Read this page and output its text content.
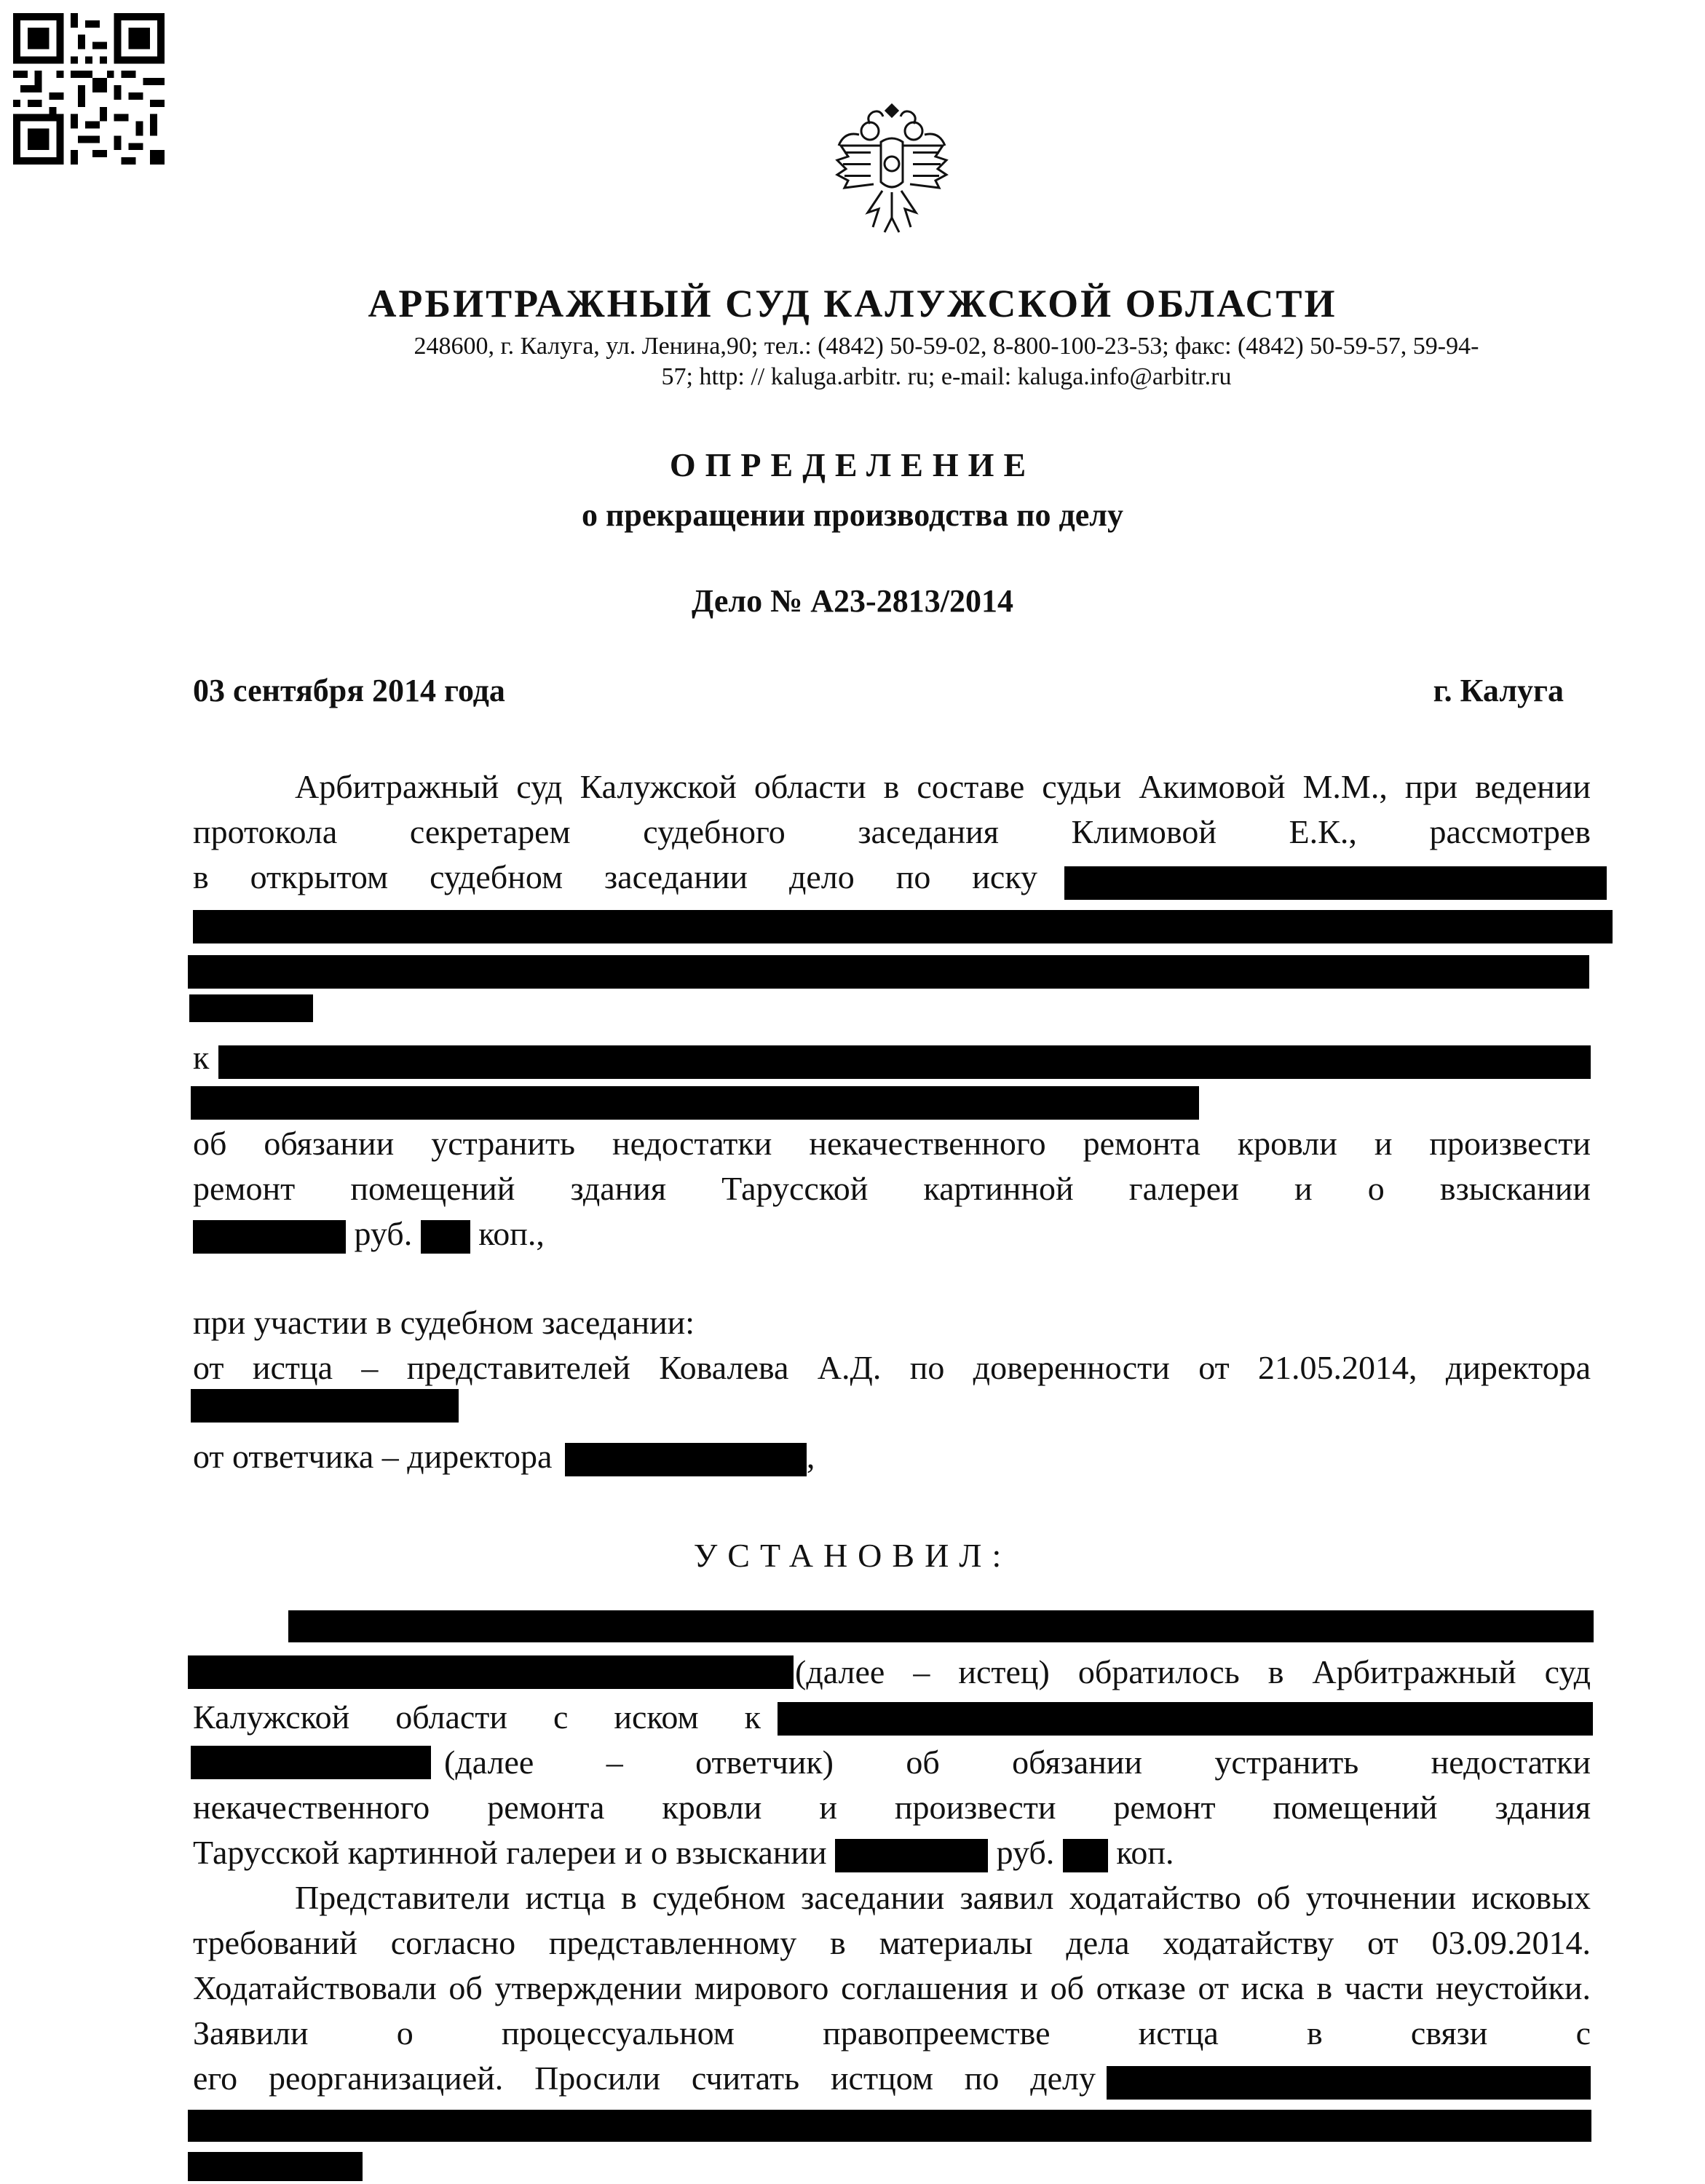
АРБИТРАЖНЫЙ СУД КАЛУЖСКОЙ ОБЛАСТИ
248600, г. Калуга, ул. Ленина,90; тел.: (4842) 50-59-02, 8-800-100-23-53; факс: (4842) 50-59-57, 59-94-
57; http: // kaluga.arbitr. ru; e-mail: kaluga.info@arbitr.ru
ОПРЕДЕЛЕНИЕ
о прекращении производства по делу
Дело № А23-2813/2014
03 сентября 2014 года	г. Калуга
Арбитражный суд Калужской области в составе судьи Акимовой М.М., при ведении протокола секретарем судебного заседания Климовой Е.К., рассмотрев
в открытом судебном заседании дело по иску
к
об обязании устранить недостатки некачественного ремонта кровли и произвести
ремонт помещений здания Тарусской картинной галереи и о взыскании
руб. коп.,
при участии в судебном заседании:
от истца – представителей Ковалева А.Д. по доверенности от 21.05.2014, директора
от ответчика – директора	,
УСТАНОВИЛ:
(далее – истец) обратилось в Арбитражный суд
Калужской области с иском к
(далее – ответчик) об обязании устранить недостатки
некачественного ремонта кровли и произвести ремонт помещений здания
Тарусской картинной галереи и о взыскании	руб. коп.
Представители истца в судебном заседании заявил ходатайство об уточнении исковых требований согласно представленному в материалы дела ходатайству от 03.09.2014. Ходатайствовали об утверждении мирового соглашения и об отказе от иска в части неустойки. Заявили о процессуальном правопреемстве истца в связи с
его реорганизацией. Просили считать истцом по делу
